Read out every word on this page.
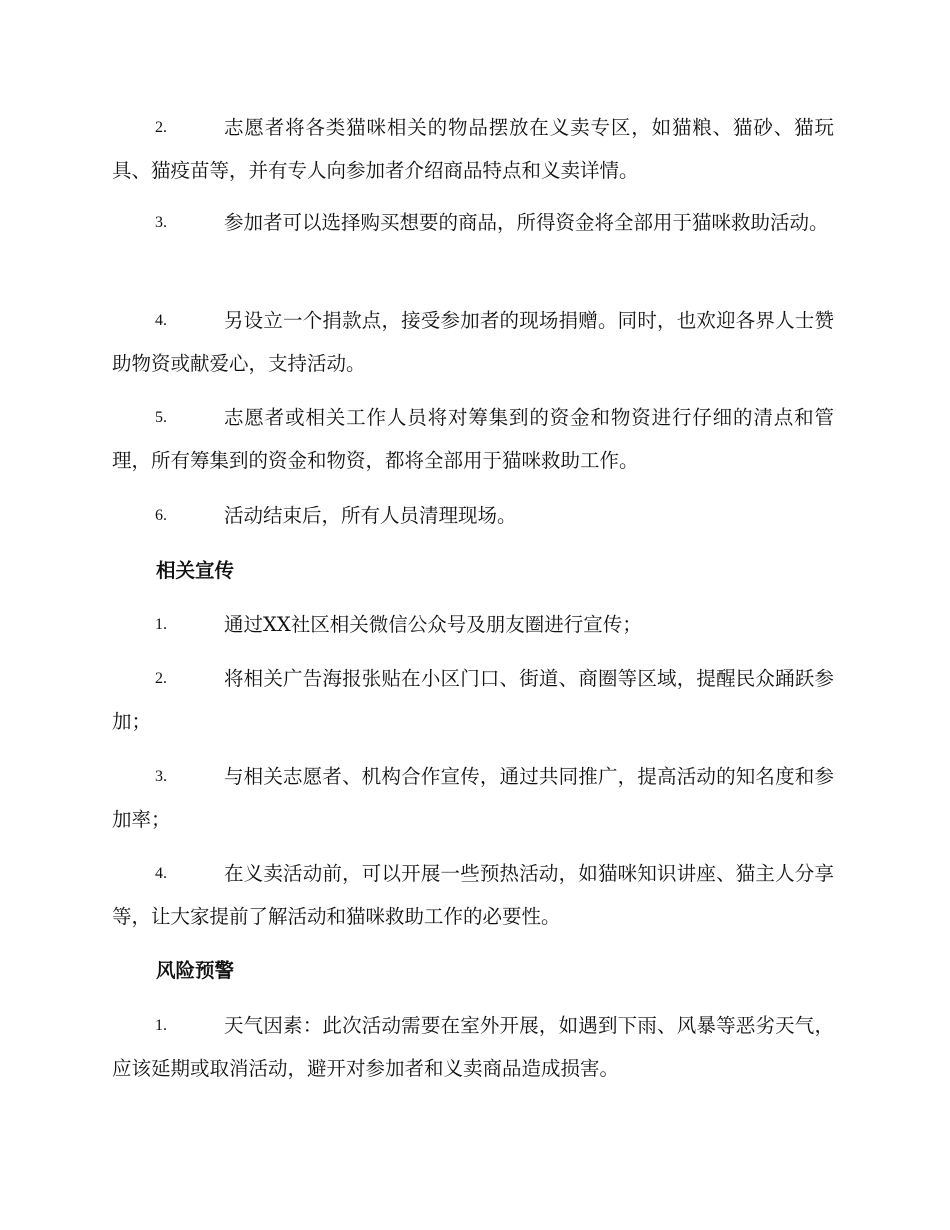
2.	志愿者将各类猫咪相关的物品摆放在义卖专区，如猫粮、猫砂、猫玩具、猫疫苗等，并有专人向参加者介绍商品特点和义卖详情。
3.	参加者可以选择购买想要的商品，所得资金将全部用于猫咪救助活动。
4.	另设立一个捐款点，接受参加者的现场捐赠。同时，也欢迎各界人士赞助物资或献爱心，支持活动。
5.	志愿者或相关工作人员将对筹集到的资金和物资进行仔细的清点和管理，所有筹集到的资金和物资，都将全部用于猫咪救助工作。
6.	活动结束后，所有人员清理现场。
相关宣传
1.	通过XX社区相关微信公众号及朋友圈进行宣传；
2.	将相关广告海报张贴在小区门口、街道、商圈等区域，提醒民众踊跃参加；
3.	与相关志愿者、机构合作宣传，通过共同推广，提高活动的知名度和参加率；
4.	在义卖活动前，可以开展一些预热活动，如猫咪知识讲座、猫主人分享等，让大家提前了解活动和猫咪救助工作的必要性。
风险预警
1.	天气因素：此次活动需要在室外开展，如遇到下雨、风暴等恶劣天气，应该延期或取消活动，避开对参加者和义卖商品造成损害。
